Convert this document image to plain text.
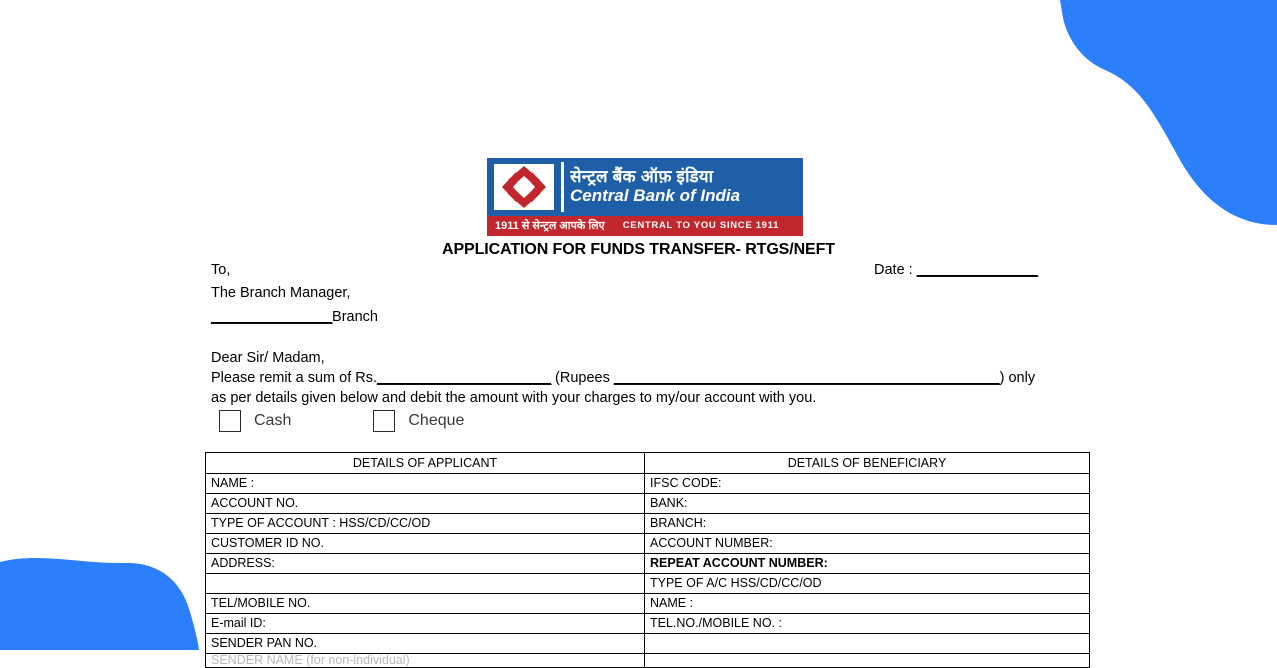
सेन्ट्रल बैंक ऑफ़ इंडिया
Central Bank of India
1911 से सेन्ट्रल आपके लिए CENTRAL TO YOU SINCE 1911
APPLICATION FOR FUNDS TRANSFER- RTGS/NEFT
To,
The Branch Manager,
________________Branch
Date : ________________
Dear Sir/ Madam,
Please remit a sum of Rs._______________________ (Rupees ___________________________________________________) only
as per details given below and debit the amount with your charges to my/our account with you.
Cash	Cheque
DETAILS OF APPLICANT	DETAILS OF BENEFICIARY
NAME :	IFSC CODE:
ACCOUNT NO.	BANK:
TYPE OF ACCOUNT : HSS/CD/CC/OD	BRANCH:
CUSTOMER ID NO.	ACCOUNT NUMBER:
ADDRESS:	REPEAT ACCOUNT NUMBER:
	TYPE OF A/C HSS/CD/CC/OD
TEL/MOBILE NO.	NAME :
E-mail ID:	TEL.NO./MOBILE NO. :
SENDER PAN NO.	
SENDER NAME (for non-individual)	
